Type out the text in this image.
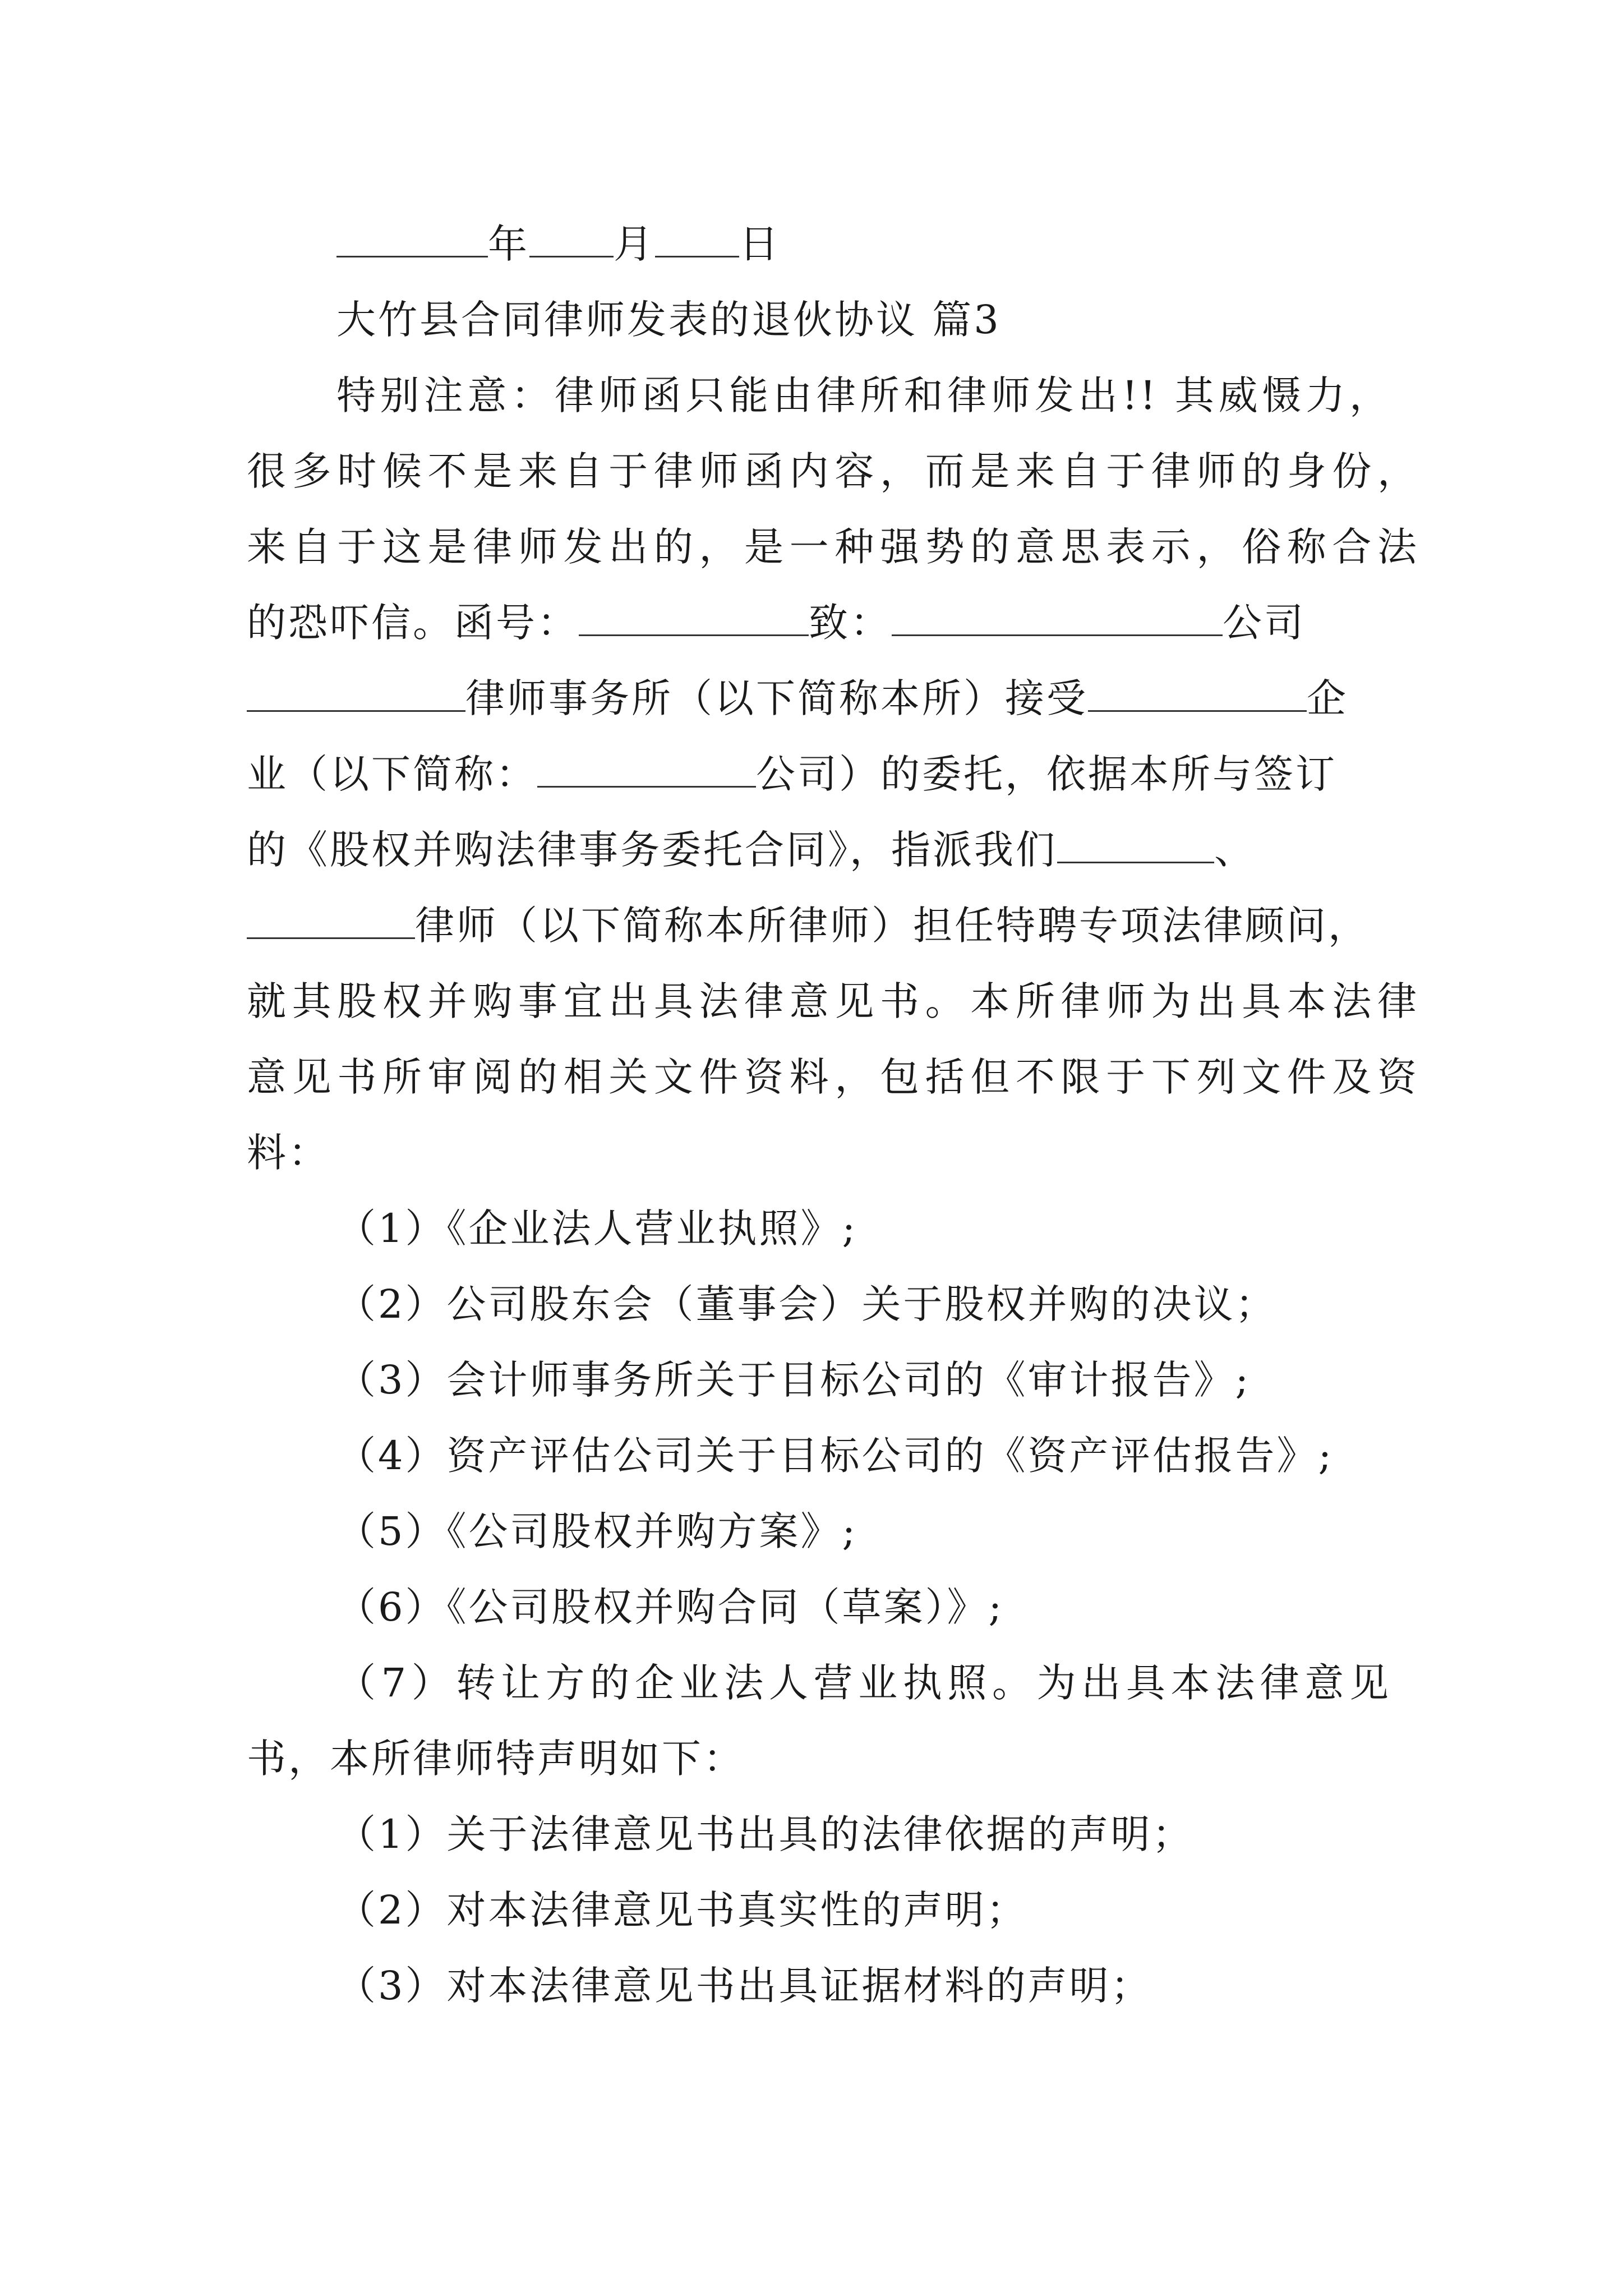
年 月 日
大竹县合同律师发表的退伙协议 篇3
特别注意：律师函只能由律所和律师发出!! 其威慑力，
很多时候不是来自于律师函内容，而是来自于律师的身份，
来自于这是律师发出的，是一种强势的意思表示，俗称合法
的恐吓信。函号：	致：	公司
律师事务所（以下简称本所）接受	企
业（以下简称：	公司）的委托，依据本所与签订
的《股权并购法律事务委托合同》，指派我们	、
律师（以下简称本所律师）担任特聘专项法律顾问，
就其股权并购事宜出具法律意见书。本所律师为出具本法律
意见书所审阅的相关文件资料，包括但不限于下列文件及资
料：
（1）《企业法人营业执照》;
（2）公司股东会（董事会）关于股权并购的决议；
（3）会计师事务所关于目标公司的《审计报告》;
（4）资产评估公司关于目标公司的《资产评估报告》;
（5）《公司股权并购方案》;
（6）《公司股权并购合同（草案）》;
（7）转让方的企业法人营业执照。为出具本法律意见
书，本所律师特声明如下：
（1）关于法律意见书出具的法律依据的声明；
（2）对本法律意见书真实性的声明；
（3）对本法律意见书出具证据材料的声明；
